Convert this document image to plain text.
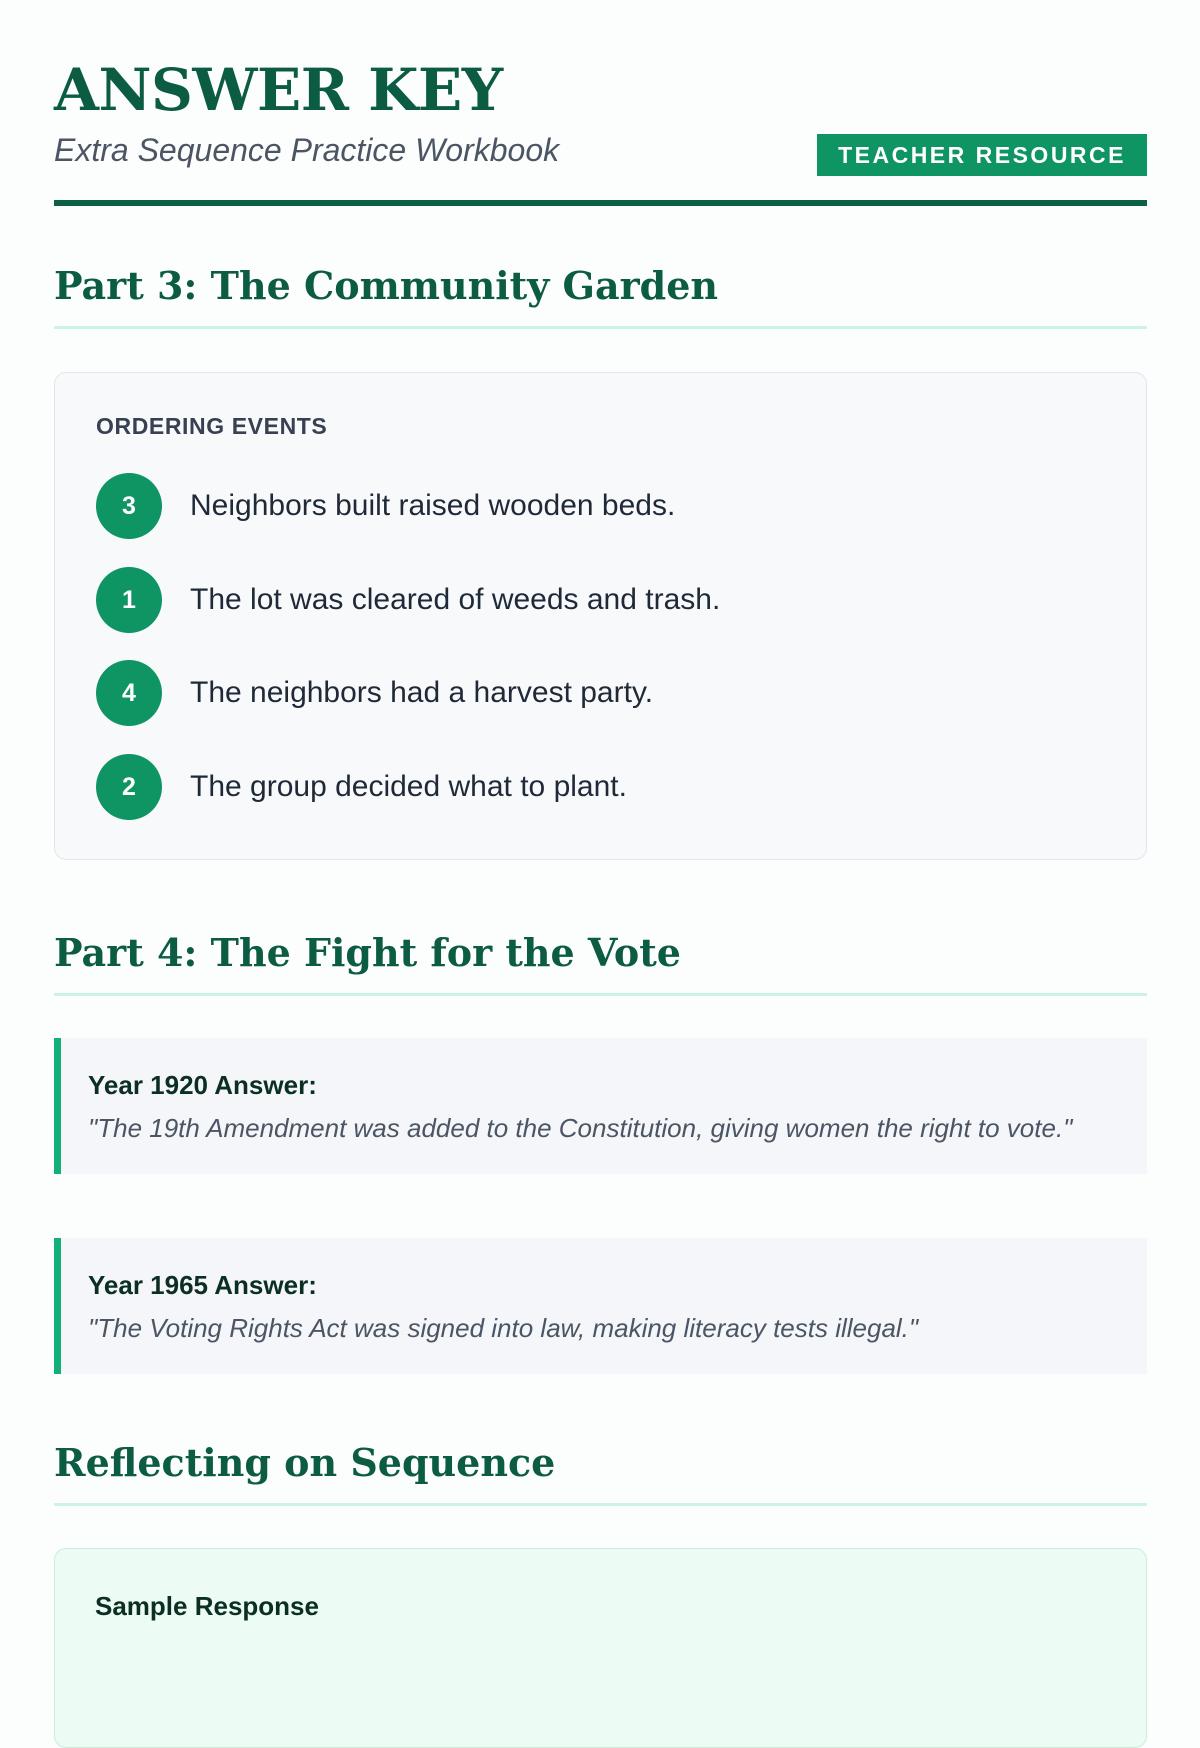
ANSWER KEY
Extra Sequence Practice Workbook	TEACHER RESOURCE
Part 3: The Community Garden
ORDERING EVENTS
3	Neighbors built raised wooden beds.
1	The lot was cleared of weeds and trash.
4	The neighbors had a harvest party.
2	The group decided what to plant.
Part 4: The Fight for the Vote
Year 1920 Answer:
"The 19th Amendment was added to the Constitution, giving women the right to vote."
Year 1965 Answer:
"The Voting Rights Act was signed into law, making literacy tests illegal."
Reflecting on Sequence
Sample Response
